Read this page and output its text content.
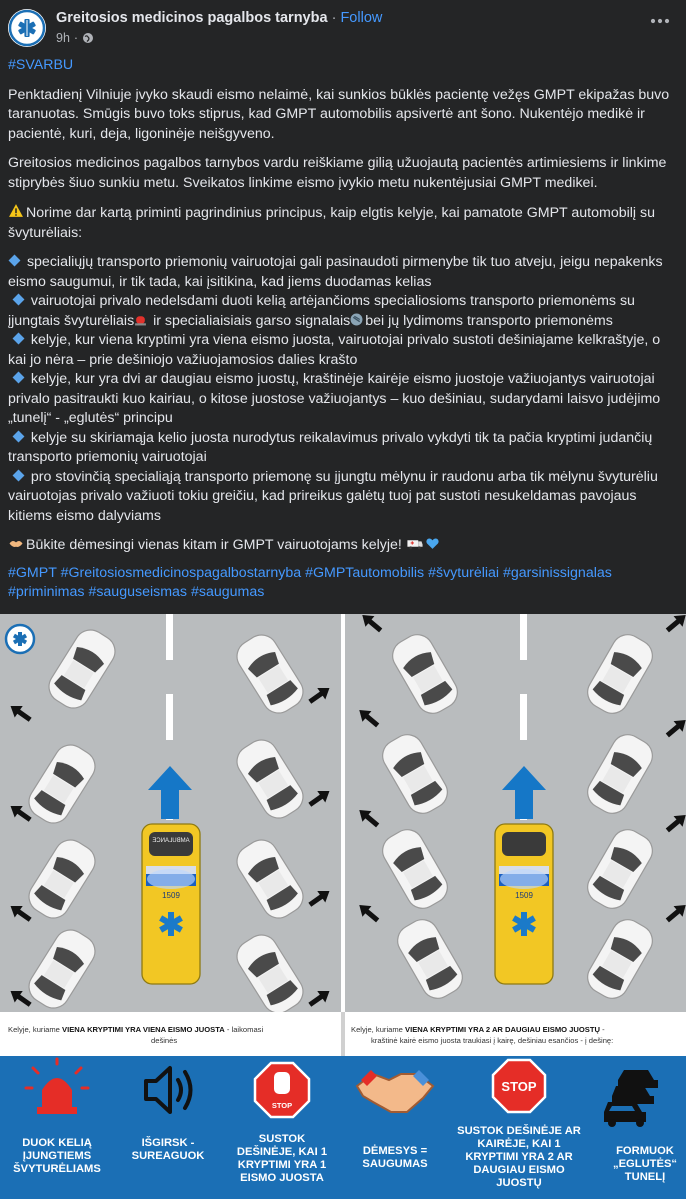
Greitosios medicinos pagalbos tarnyba · Follow
9h ·

#SVARBU

Penktadienį Vilniuje įvyko skaudi eismo nelaimė, kai sunkios būklės pacientę vežęs GMPT ekipažas buvo taranuotas. Smūgis buvo toks stiprus, kad GMPT automobilis apsivertė ant šono. Nukentėjo medikė ir pacientė, kuri, deja, ligoninėje neišgyveno.

Greitosios medicinos pagalbos tarnybos vardu reiškiame gilią užuojautą pacientės artimiesiems ir linkime stiprybės šiuo sunkiu metu. Sveikatos linkime eismo įvykio metu nukentėjusiai GMPT medikei.

Norime dar kartą priminti pagrindinius principus, kaip elgtis kelyje, kai pamatote GMPT automobilį su švyturėliais:

specialiųjų transporto priemonių vairuotojai gali pasinaudoti pirmenybe tik tuo atveju, jeigu nepakenks eismo saugumui, ir tik tada, kai įsitikina, kad jiems duodamas kelias
vairuotojai privalo nedelsdami duoti kelią artėjančioms specialiosioms transporto priemonėms su įjungtais švyturėliais ir specialiaisiais garso signalais bei jų lydimoms transporto priemonėms
kelyje, kur viena kryptimi yra viena eismo juosta, vairuotojai privalo sustoti dešiniajame kelkraštyje, o kai jo nėra – prie dešiniojo važiuojamosios dalies krašto
kelyje, kur yra dvi ar daugiau eismo juostų, kraštinėje kairėje eismo juostoje važiuojantys vairuotojai privalo pasitraukti kuo kairiau, o kitose juostose važiuojantys – kuo dešiniau, sudarydami laisvo judėjimo „tunelį“ - „eglutės“ principu
kelyje su skiriamąja kelio juosta nurodytus reikalavimus privalo vykdyti tik ta pačia kryptimi judančių transporto priemonių vairuotojai
pro stovinčią specialiąją transporto priemonę su įjungtu mėlynu ir raudonu arba tik mėlynu švyturėliu vairuotojas privalo važiuoti tokiu greičiu, kad prireikus galėtų tuoj pat sustoti nesukeldamas pavojaus kitiems eismo dalyviams

Būkite dėmesingi vienas kitam ir GMPT vairuotojams kelyje!

#GMPT #Greitosiosmedicinospagalbostarnyba #GMPTautomobilis #švyturėliai #garsinissignalas #priminimas #sauguseismas #saugumas

1509
AMBULANCE
1509
Kelyje, kuriame VIENA KRYPTIMI YRA VIENA EISMO JUOSTA - laikomasi
dešinės
Kelyje, kuriame VIENA KRYPTIMI YRA 2 AR DAUGIAU EISMO JUOSTŲ -
kraštinė kairė eismo juosta traukiasi į kairę, dešiniau esančios - į dešinę:
DUOK KELIĄ
ĮJUNGTIEMS
ŠVYTURĖLIAMS
IŠGIRSK -
SUREAGUOK
STOP
SUSTOK
DEŠINĖJE, KAI 1
KRYPTIMI YRA 1
EISMO JUOSTA
DĖMESYS =
SAUGUMAS
STOP
SUSTOK DEŠINĖJE AR
KAIRĖJE, KAI 1
KRYPTIMI YRA 2 AR
DAUGIAU EISMO
JUOSTŲ
FORMUOK
„EGLUTĖS“
TUNELĮ
